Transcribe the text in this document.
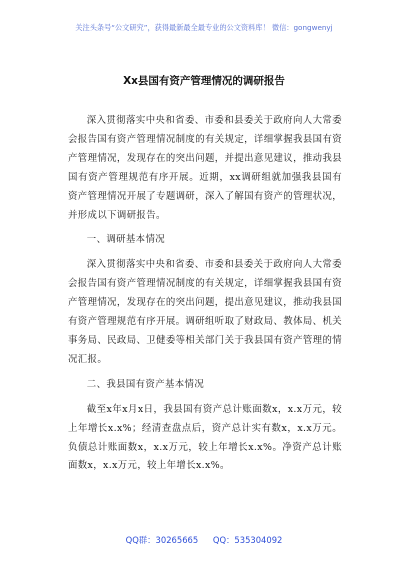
关注头条号“公文研究”，获得最新最全最专业的公文资料库！ 微信：gongwenyj
Xx县国有资产管理情况的调研报告

深入贯彻落实中央和省委、市委和县委关于政府向人大常委会报告国有资产管理情况制度的有关规定，详细掌握我县国有资产管理情况，发现存在的突出问题，并提出意见建议，推动我县国有资产管理规范有序开展。近期，xx调研组就加强我县国有资产管理情况开展了专题调研，深入了解国有资产的管理状况，并形成以下调研报告。

一、调研基本情况

深入贯彻落实中央和省委、市委和县委关于政府向人大常委会报告国有资产管理情况制度的有关规定，详细掌握我县国有资产管理情况，发现存在的突出问题，提出意见建议，推动我县国有资产管理规范有序开展。调研组听取了财政局、教体局、机关事务局、民政局、卫健委等相关部门关于我县国有资产管理的情况汇报。

二、我县国有资产基本情况

截至x年x月x日，我县国有资产总计账面数x，x.x万元，较上年增长x.x%；经清查盘点后，资产总计实有数x，x.x万元。负债总计账面数x，x.x万元，较上年增长x.x%。净资产总计账面数x，x.x万元，较上年增长x.x%。

QQ群：30265665 QQ：535304092
